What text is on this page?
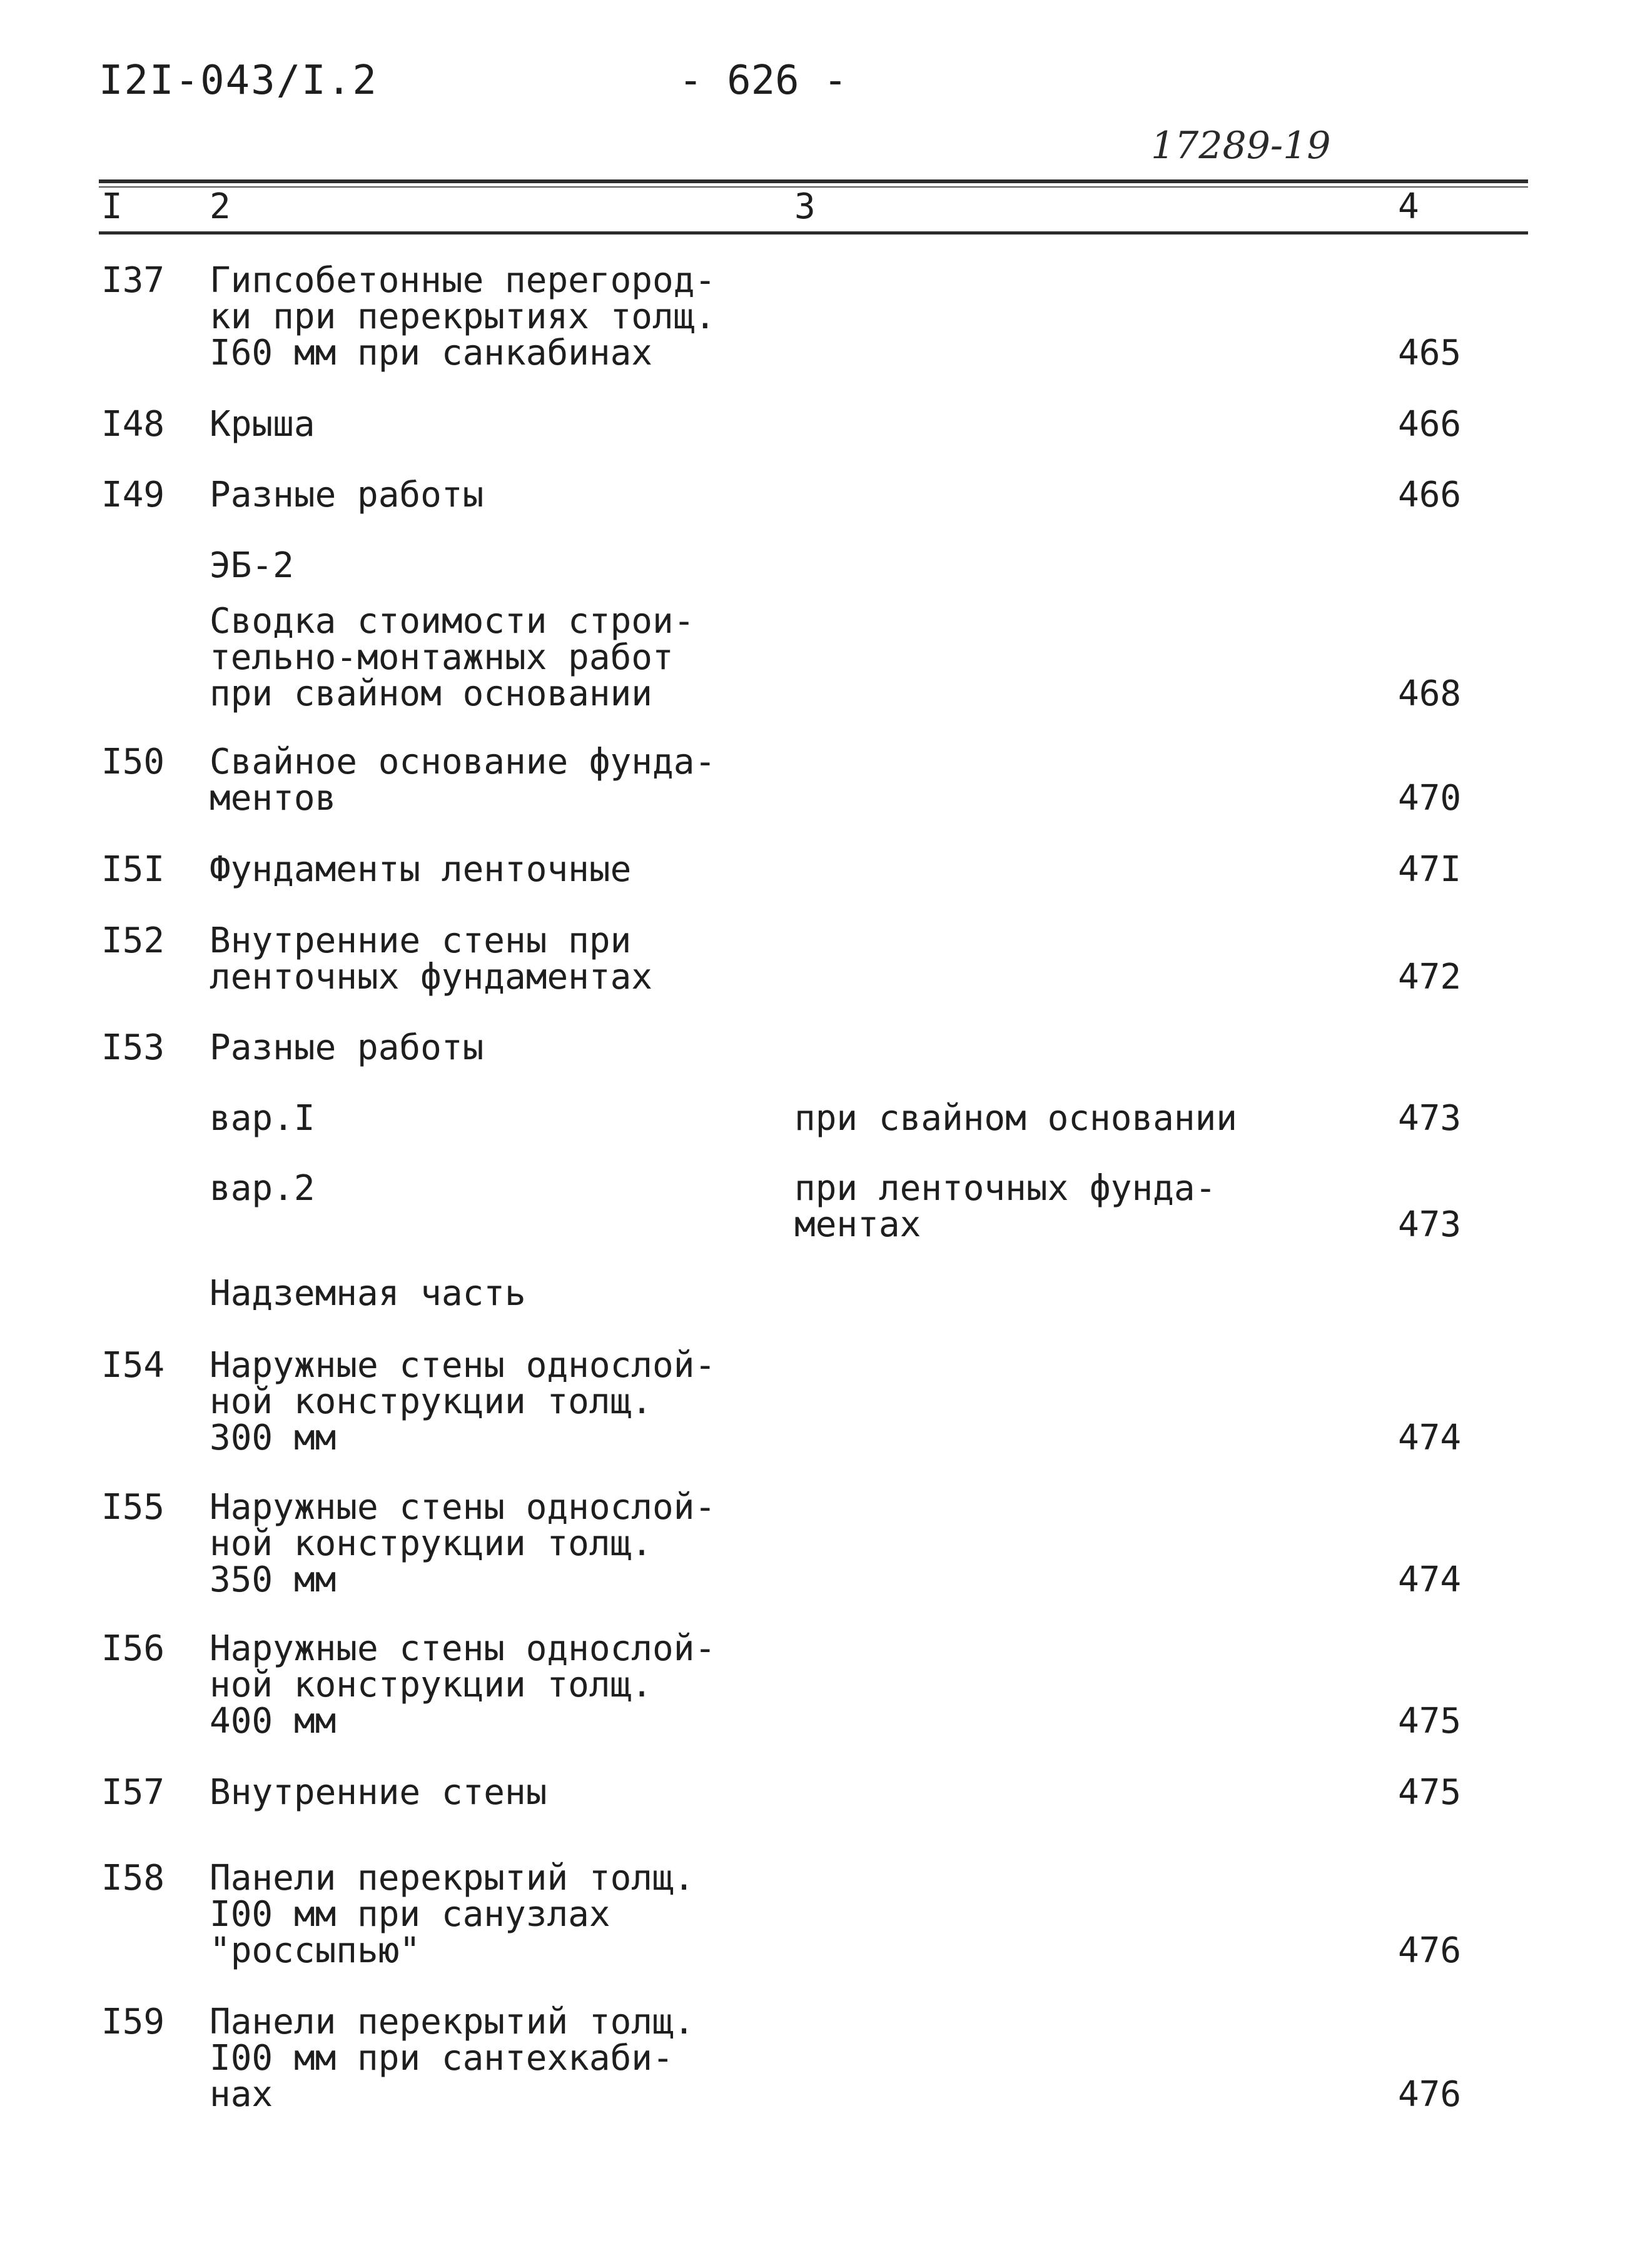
I2I-043/I.2	- 626 -
17289-19
I 2	3	4
I37 Гипсобетонные перегород-
ки при перекрытиях толщ.
I60 мм при санкабинах	465
I48 Крыша	466
I49 Разные работы	466
ЭБ-2
Сводка стоимости строи-
тельно-монтажных работ
при свайном основании	468
I50 Свайное основание фунда-
ментов	470
I5I Фундаменты ленточные	47I
I52 Внутренние стены при
ленточных фундаментах	472
I53 Разные работы
вар.I	при свайном основании	473
вар.2	при ленточных фунда-
ментах	473
Надземная часть
I54 Наружные стены однослой-
ной конструкции толщ.
300 мм	474
I55 Наружные стены однослой-
ной конструкции толщ.
350 мм	474
I56 Наружные стены однослой-
ной конструкции толщ.
400 мм	475
I57 Внутренние стены	475
I58 Панели перекрытий толщ.
I00 мм при санузлах
"россыпью"	476
I59 Панели перекрытий толщ.
I00 мм при сантехкаби-
нах	476
